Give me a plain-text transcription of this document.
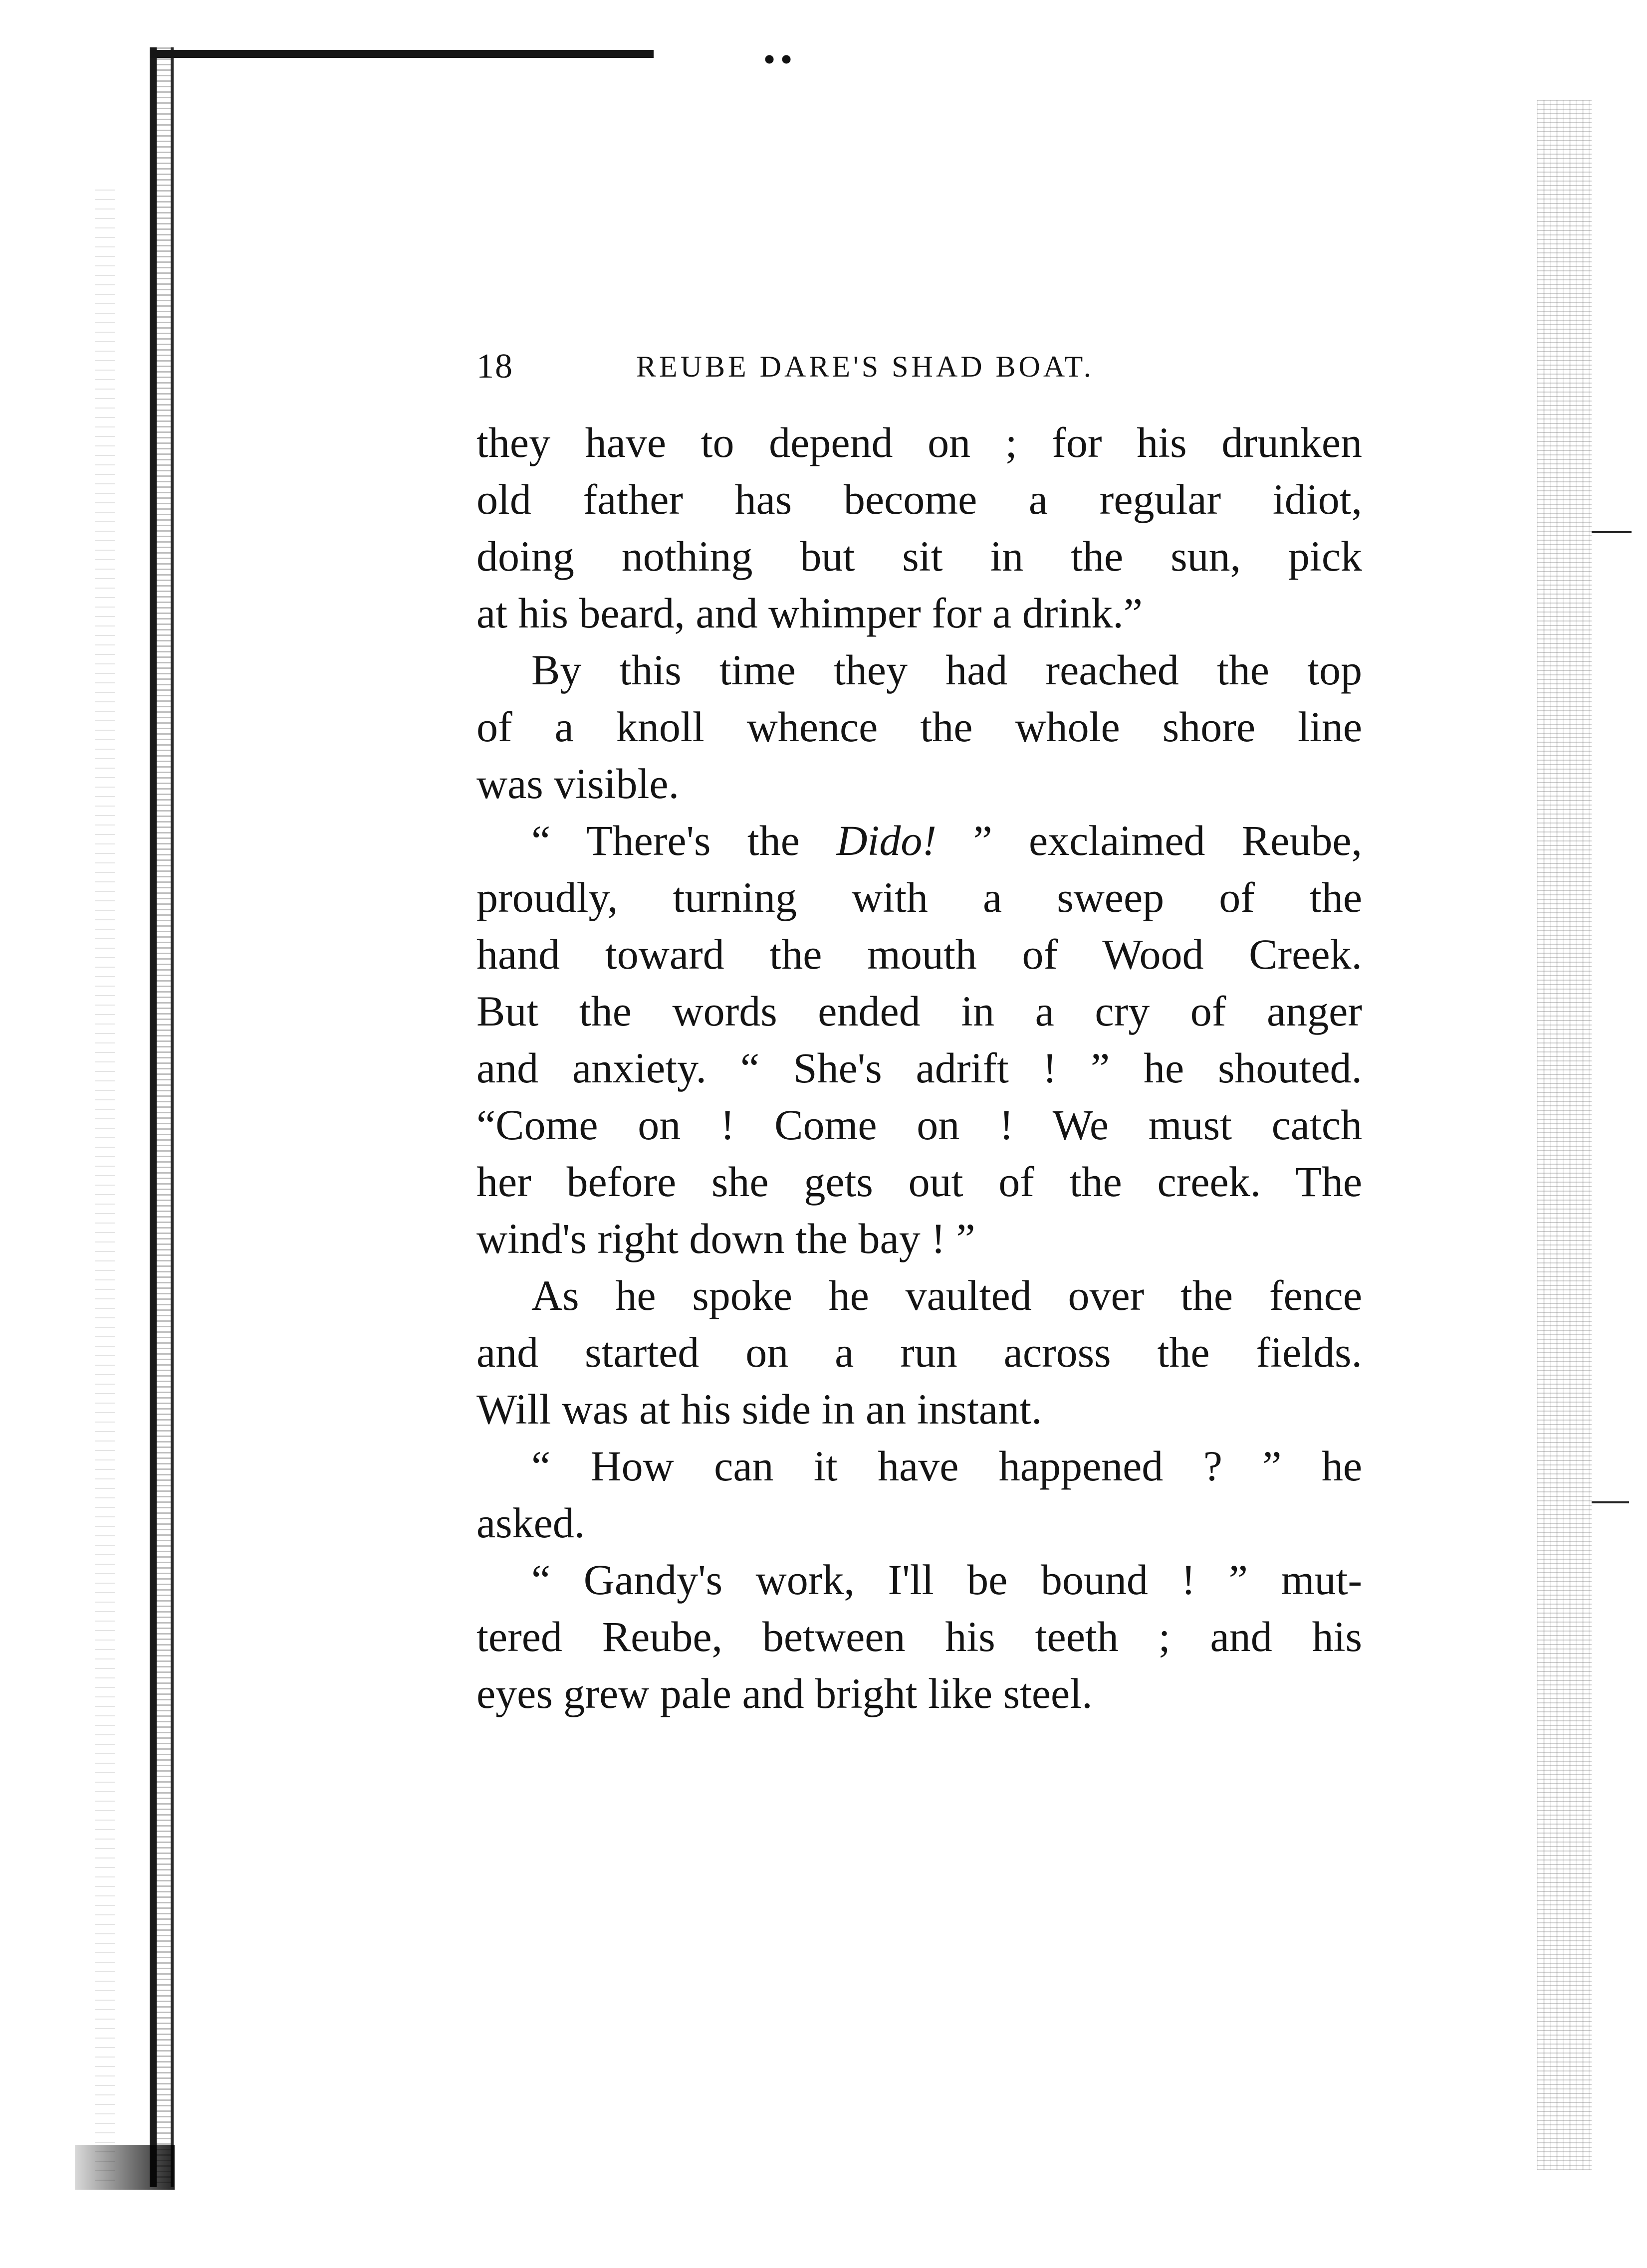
18	REUBE DARE'S SHAD BOAT.
they have to depend on ; for his drunken
old father has become a regular idiot,
doing nothing but sit in the sun, pick
at his beard, and whimper for a drink.”
By this time they had reached the top
of a knoll whence the whole shore line
was visible.
“ There's the Dido! ” exclaimed Reube,
proudly, turning with a sweep of the
hand toward the mouth of Wood Creek.
But the words ended in a cry of anger
and anxiety. “ She's adrift ! ” he shouted.
“Come on ! Come on ! We must catch
her before she gets out of the creek. The
wind's right down the bay ! ”
As he spoke he vaulted over the fence
and started on a run across the fields.
Will was at his side in an instant.
“ How can it have happened ? ” he
asked.
“ Gandy's work, I'll be bound ! ” mut-
tered Reube, between his teeth ; and his
eyes grew pale and bright like steel.
